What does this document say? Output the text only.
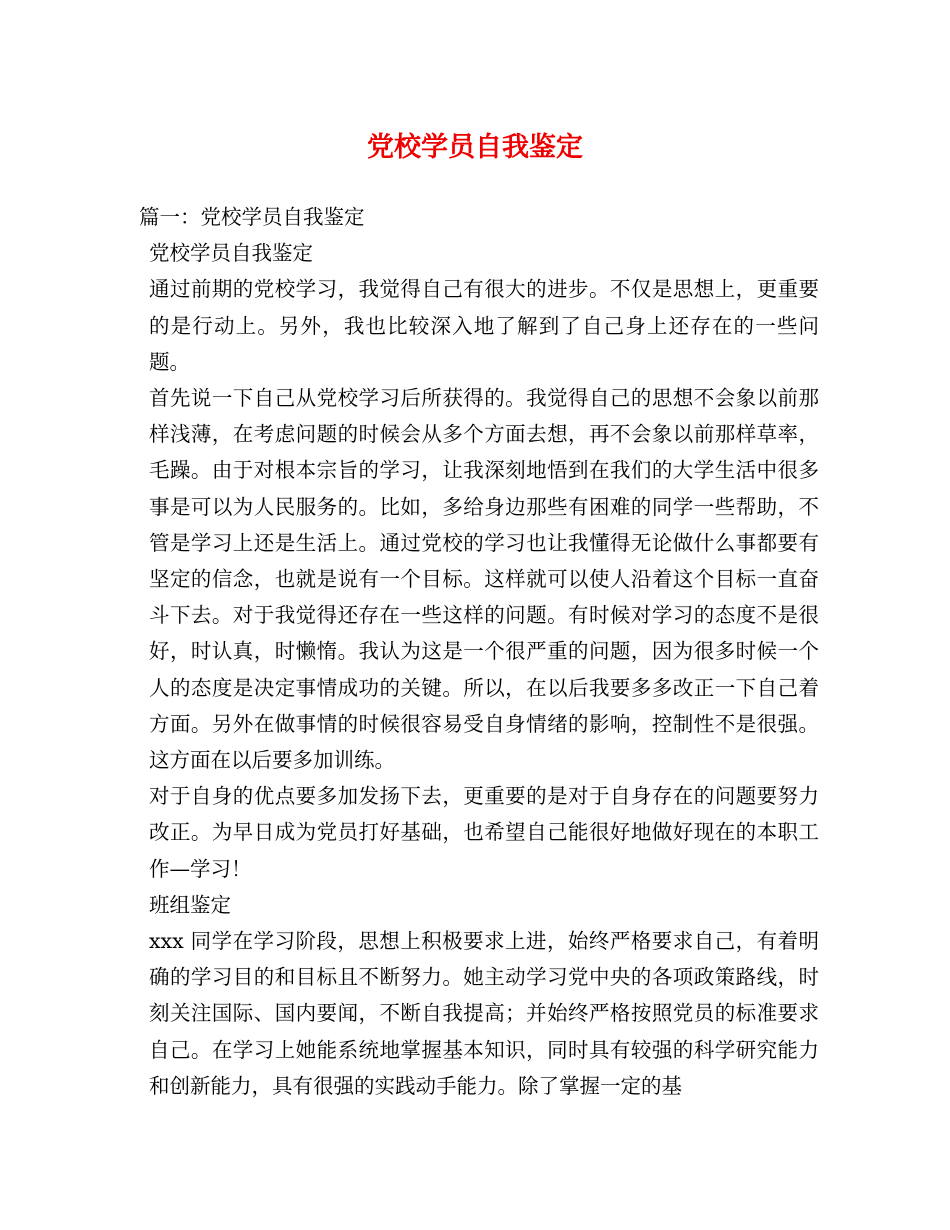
党校学员自我鉴定

篇一：党校学员自我鉴定

党校学员自我鉴定

通过前期的党校学习，我觉得自己有很大的进步。不仅是思想上，更重要的是行动上。另外，我也比较深入地了解到了自己身上还存在的一些问题。

首先说一下自己从党校学习后所获得的。我觉得自己的思想不会象以前那样浅薄，在考虑问题的时候会从多个方面去想，再不会象以前那样草率，毛躁。由于对根本宗旨的学习，让我深刻地悟到在我们的大学生活中很多事是可以为人民服务的。比如，多给身边那些有困难的同学一些帮助，不管是学习上还是生活上。通过党校的学习也让我懂得无论做什么事都要有坚定的信念，也就是说有一个目标。这样就可以使人沿着这个目标一直奋斗下去。对于我觉得还存在一些这样的问题。有时候对学习的态度不是很好，时认真，时懒惰。我认为这是一个很严重的问题，因为很多时候一个人的态度是决定事情成功的关键。所以，在以后我要多多改正一下自己着方面。另外在做事情的时候很容易受自身情绪的影响，控制性不是很强。这方面在以后要多加训练。

对于自身的优点要多加发扬下去，更重要的是对于自身存在的问题要努力改正。为早日成为党员打好基础，也希望自己能很好地做好现在的本职工作—学习！

班组鉴定

xxx 同学在学习阶段，思想上积极要求上进，始终严格要求自己，有着明确的学习目的和目标且不断努力。她主动学习党中央的各项政策路线，时刻关注国际、国内要闻，不断自我提高；并始终严格按照党员的标准要求自己。在学习上她能系统地掌握基本知识，同时具有较强的科学研究能力和创新能力，具有很强的实践动手能力。除了掌握一定的基
